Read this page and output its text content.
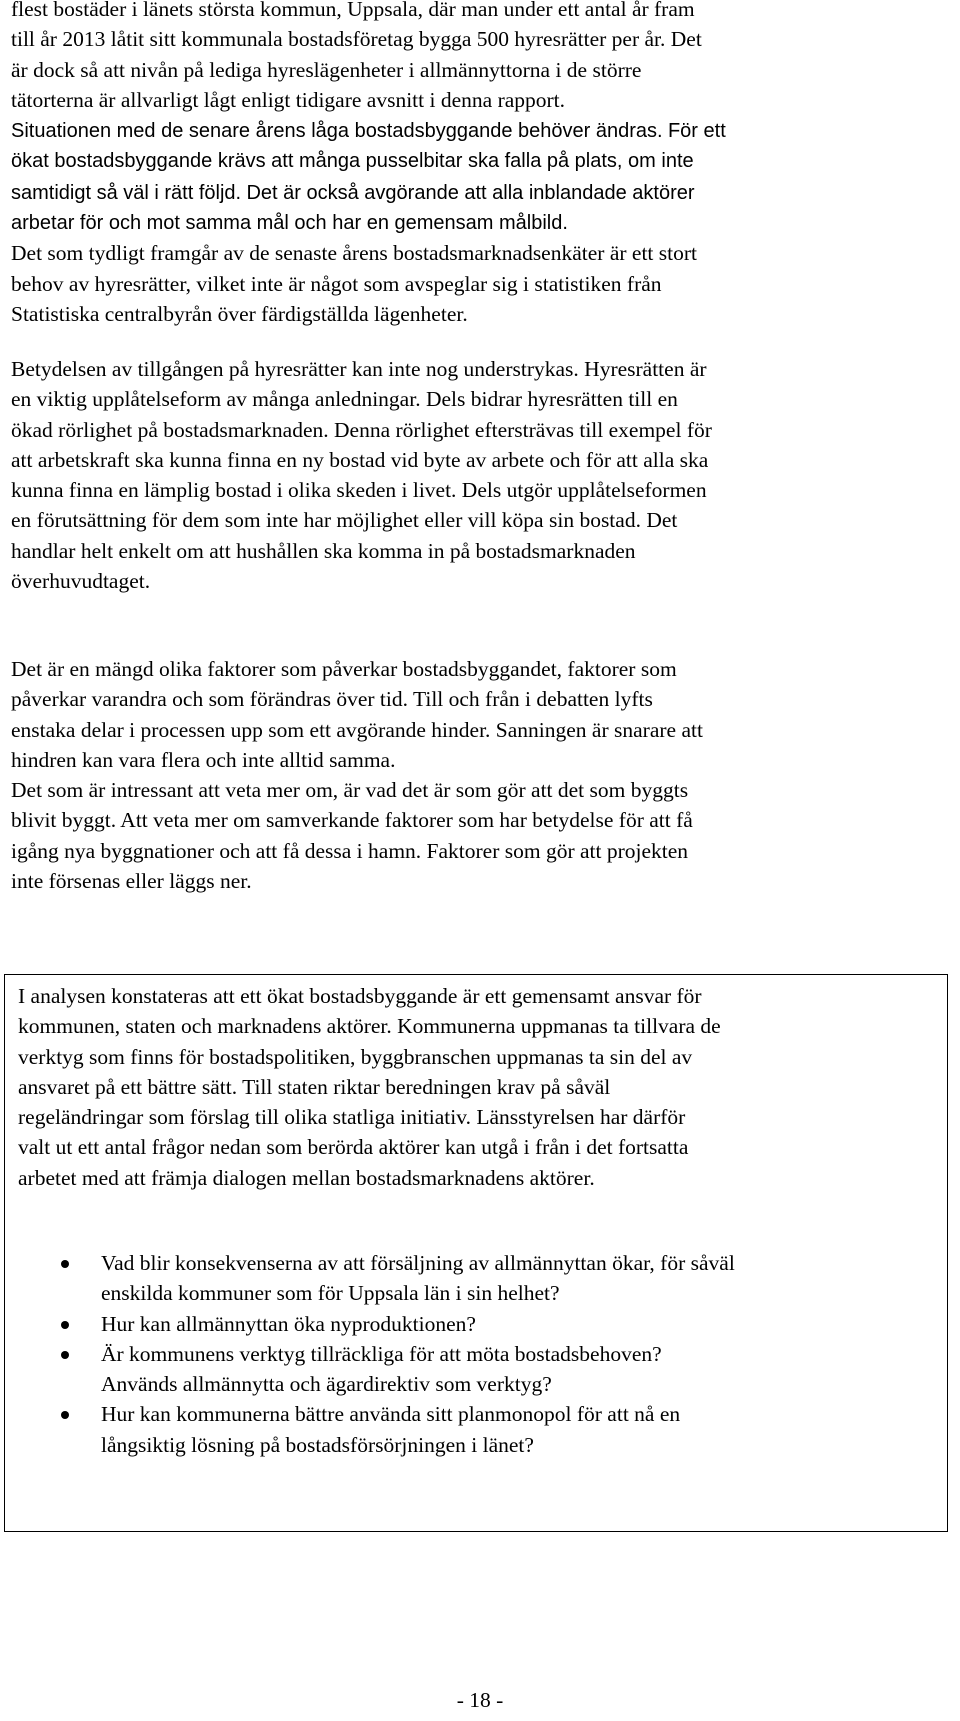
flest bostäder i länets största kommun, Uppsala, där man under ett antal år fram

till år 2013 låtit sitt kommunala bostadsföretag bygga 500 hyresrätter per år. Det

är dock så att nivån på lediga hyreslägenheter i allmännyttorna i de större

tätorterna är allvarligt lågt enligt tidigare avsnitt i denna rapport.

Situationen med de senare årens låga bostadsbyggande behöver ändras. För ett

ökat bostadsbyggande krävs att många pusselbitar ska falla på plats, om inte

samtidigt så väl i rätt följd. Det är också avgörande att alla inblandade aktörer

arbetar för och mot samma mål och har en gemensam målbild.

Det som tydligt framgår av de senaste årens bostadsmarknadsenkäter är ett stort

behov av hyresrätter, vilket inte är något som avspeglar sig i statistiken från

Statistiska centralbyrån över färdigställda lägenheter.

Betydelsen av tillgången på hyresrätter kan inte nog understrykas. Hyresrätten är

en viktig upplåtelseform av många anledningar. Dels bidrar hyresrätten till en

ökad rörlighet på bostadsmarknaden. Denna rörlighet eftersträvas till exempel för

att arbetskraft ska kunna finna en ny bostad vid byte av arbete och för att alla ska

kunna finna en lämplig bostad i olika skeden i livet. Dels utgör upplåtelseformen

en förutsättning för dem som inte har möjlighet eller vill köpa sin bostad. Det

handlar helt enkelt om att hushållen ska komma in på bostadsmarknaden

överhuvudtaget.

Det är en mängd olika faktorer som påverkar bostadsbyggandet, faktorer som

påverkar varandra och som förändras över tid. Till och från i debatten lyfts

enstaka delar i processen upp som ett avgörande hinder. Sanningen är snarare att

hindren kan vara flera och inte alltid samma.

Det som är intressant att veta mer om, är vad det är som gör att det som byggts

blivit byggt. Att veta mer om samverkande faktorer som har betydelse för att få

igång nya byggnationer och att få dessa i hamn. Faktorer som gör att projekten

inte försenas eller läggs ner.

I analysen konstateras att ett ökat bostadsbyggande är ett gemensamt ansvar för

kommunen, staten och marknadens aktörer. Kommunerna uppmanas ta tillvara de

verktyg som finns för bostadspolitiken, byggbranschen uppmanas ta sin del av

ansvaret på ett bättre sätt. Till staten riktar beredningen krav på såväl

regeländringar som förslag till olika statliga initiativ. Länsstyrelsen har därför

valt ut ett antal frågor nedan som berörda aktörer kan utgå i från i det fortsatta

arbetet med att främja dialogen mellan bostadsmarknadens aktörer.

Vad blir konsekvenserna av att försäljning av allmännyttan ökar, för såväl

enskilda kommuner som för Uppsala län i sin helhet?

Hur kan allmännyttan öka nyproduktionen?

Är kommunens verktyg tillräckliga för att möta bostadsbehoven?

Används allmännytta och ägardirektiv som verktyg?

Hur kan kommunerna bättre använda sitt planmonopol för att nå en

långsiktig lösning på bostadsförsörjningen i länet?

- 18 -
